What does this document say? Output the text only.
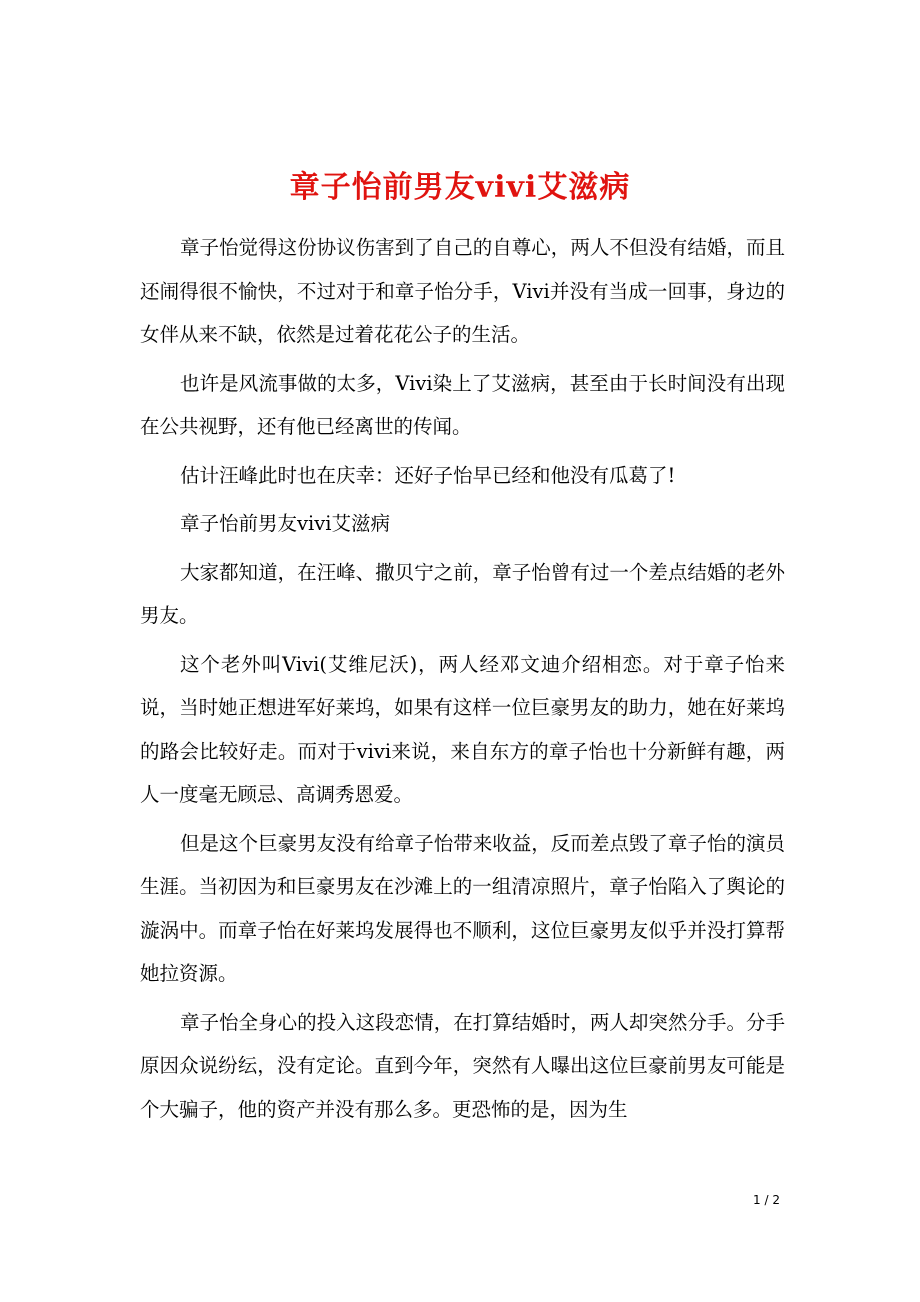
章子怡前男友vivi艾滋病

章子怡觉得这份协议伤害到了自己的自尊心，两人不但没有结婚，而且还闹得很不愉快，不过对于和章子怡分手，Vivi并没有当成一回事，身边的女伴从来不缺，依然是过着花花公子的生活。

也许是风流事做的太多，Vivi染上了艾滋病，甚至由于长时间没有出现在公共视野，还有他已经离世的传闻。

估计汪峰此时也在庆幸：还好子怡早已经和他没有瓜葛了!

章子怡前男友vivi艾滋病

大家都知道，在汪峰、撒贝宁之前，章子怡曾有过一个差点结婚的老外男友。

这个老外叫Vivi(艾维尼沃)，两人经邓文迪介绍相恋。对于章子怡来说，当时她正想进军好莱坞，如果有这样一位巨豪男友的助力，她在好莱坞的路会比较好走。而对于vivi来说，来自东方的章子怡也十分新鲜有趣，两人一度毫无顾忌、高调秀恩爱。

但是这个巨豪男友没有给章子怡带来收益，反而差点毁了章子怡的演员生涯。当初因为和巨豪男友在沙滩上的一组清凉照片，章子怡陷入了舆论的漩涡中。而章子怡在好莱坞发展得也不顺利，这位巨豪男友似乎并没打算帮她拉资源。

章子怡全身心的投入这段恋情，在打算结婚时，两人却突然分手。分手原因众说纷纭，没有定论。直到今年，突然有人曝出这位巨豪前男友可能是个大骗子，他的资产并没有那么多。更恐怖的是，因为生

1 / 2
